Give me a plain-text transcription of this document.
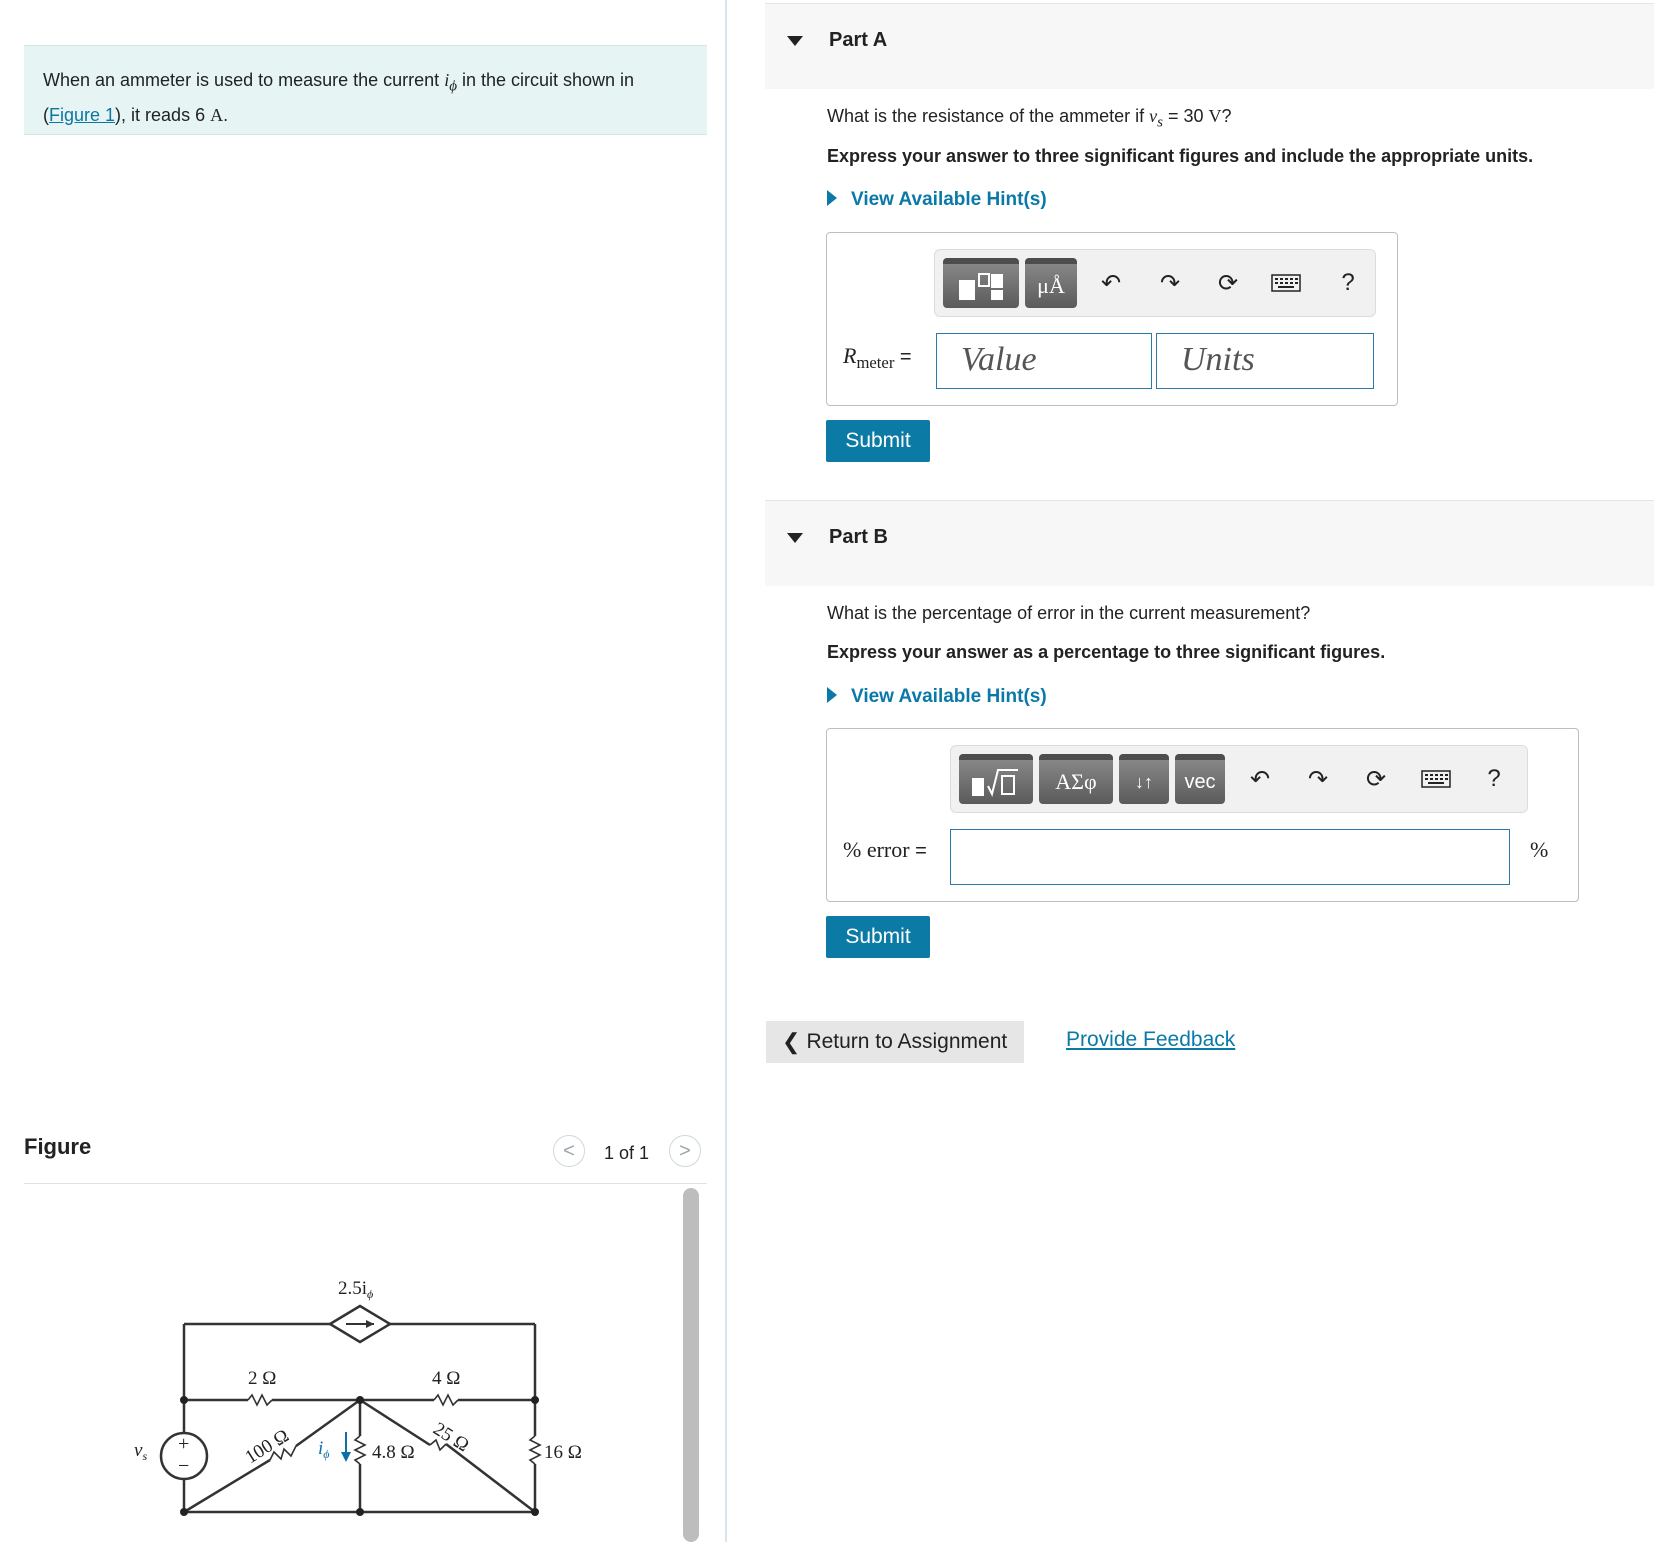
When an ammeter is used to measure the current $i_\phi$ in the circuit shown in (Figure 1), it reads 6 A.
Figure	< 1 of 1 >
+
−
$2.5i_\phi$
2 Ω	4 Ω
100 Ω	4.8 Ω 25 Ω	16 Ω
$v_s$	$i_\phi$
Part A
What is the resistance of the ammeter if $v_s = 30$ V?
Express your answer to three significant figures and include the appropriate units.
View Available Hint(s)
μÅ ↶ ↷ ⟳	?
$R_{meter}$ =	Value	Units
Submit
Part B
What is the percentage of error in the current measurement?
Express your answer as a percentage to three significant figures.
View Available Hint(s)
ΑΣφ ↓↑ vec ↶ ↷ ⟳	?
% error =	%
Submit
❮ Return to Assignment	Provide Feedback
